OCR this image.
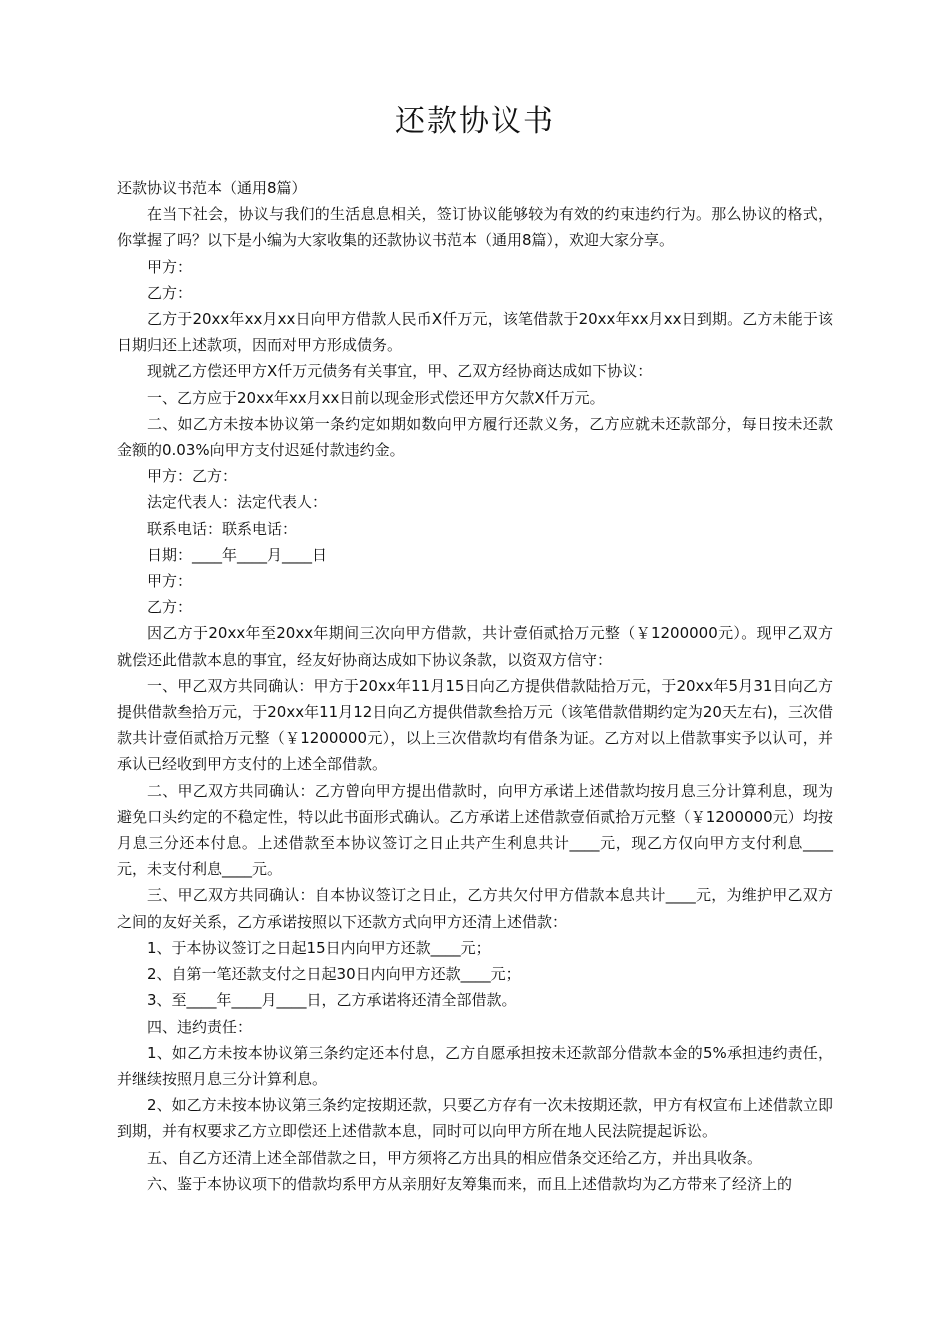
还款协议书

还款协议书范本（通用8篇）

在当下社会，协议与我们的生活息息相关，签订协议能够较为有效的约束违约行为。那么协议的格式，你掌握了吗？以下是小编为大家收集的还款协议书范本（通用8篇），欢迎大家分享。

甲方：

乙方：

乙方于20xx年xx月xx日向甲方借款人民币X仟万元，该笔借款于20xx年xx月xx日到期。乙方未能于该日期归还上述款项，因而对甲方形成债务。

现就乙方偿还甲方X仟万元债务有关事宜，甲、乙双方经协商达成如下协议：

一、乙方应于20xx年xx月xx日前以现金形式偿还甲方欠款X仟万元。

二、如乙方未按本协议第一条约定如期如数向甲方履行还款义务，乙方应就未还款部分，每日按未还款金额的0.03%向甲方支付迟延付款违约金。

甲方：乙方：

法定代表人：法定代表人：

联系电话：联系电话：

日期：____年____月____日

甲方：

乙方：

因乙方于20xx年至20xx年期间三次向甲方借款，共计壹佰贰拾万元整（￥1200000元）。现甲乙双方就偿还此借款本息的事宜，经友好协商达成如下协议条款，以资双方信守：

一、甲乙双方共同确认：甲方于20xx年11月15日向乙方提供借款陆拾万元，于20xx年5月31日向乙方提供借款叁拾万元，于20xx年11月12日向乙方提供借款叁拾万元（该笔借款借期约定为20天左右)，三次借款共计壹佰贰拾万元整（￥1200000元），以上三次借款均有借条为证。乙方对以上借款事实予以认可，并承认已经收到甲方支付的上述全部借款。

二、甲乙双方共同确认：乙方曾向甲方提出借款时，向甲方承诺上述借款均按月息三分计算利息，现为避免口头约定的不稳定性，特以此书面形式确认。乙方承诺上述借款壹佰贰拾万元整（￥1200000元）均按月息三分还本付息。上述借款至本协议签订之日止共产生利息共计____元，现乙方仅向甲方支付利息____元，未支付利息____元。

三、甲乙双方共同确认：自本协议签订之日止，乙方共欠付甲方借款本息共计____元，为维护甲乙双方之间的友好关系，乙方承诺按照以下还款方式向甲方还清上述借款：

1、于本协议签订之日起15日内向甲方还款____元；

2、自第一笔还款支付之日起30日内向甲方还款____元；

3、至____年____月____日，乙方承诺将还清全部借款。

四、违约责任：

1、如乙方未按本协议第三条约定还本付息，乙方自愿承担按未还款部分借款本金的5%承担违约责任，并继续按照月息三分计算利息。

2、如乙方未按本协议第三条约定按期还款，只要乙方存有一次未按期还款，甲方有权宣布上述借款立即到期，并有权要求乙方立即偿还上述借款本息，同时可以向甲方所在地人民法院提起诉讼。

五、自乙方还清上述全部借款之日，甲方须将乙方出具的相应借条交还给乙方，并出具收条。

六、鉴于本协议项下的借款均系甲方从亲朋好友筹集而来，而且上述借款均为乙方带来了经济上的
